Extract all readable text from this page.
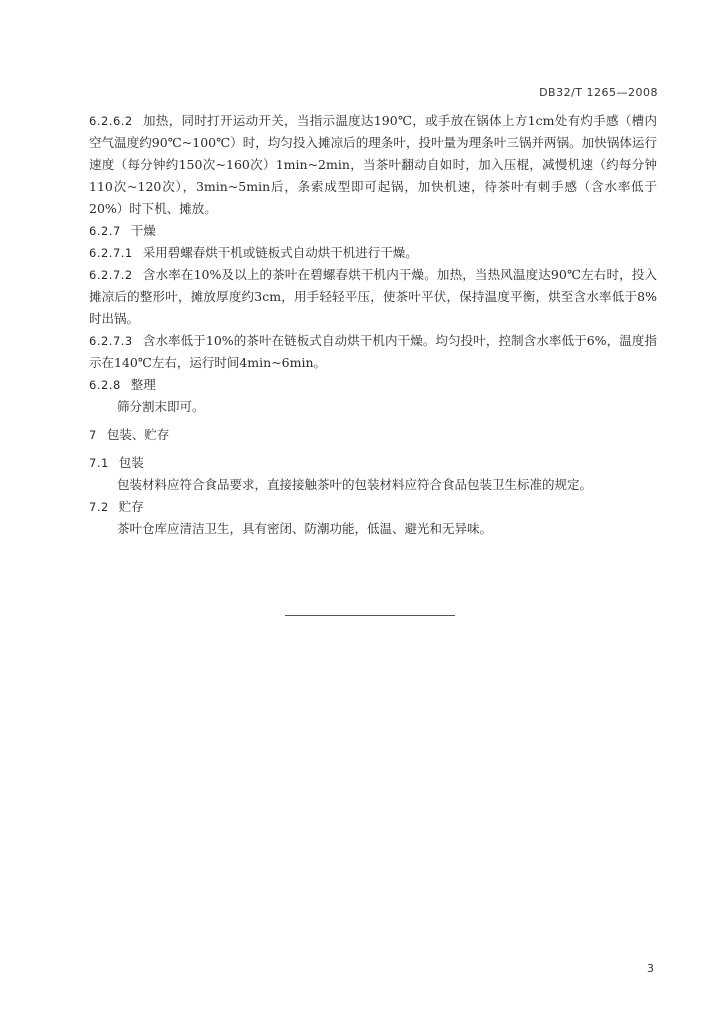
DB32/T 1265—2008

6.2.6.2 加热，同时打开运动开关，当指示温度达190℃，或手放在锅体上方1cm处有灼手感（槽内空气温度约90℃~100℃）时，均匀投入摊凉后的理条叶，投叶量为理条叶三锅并两锅。加快锅体运行速度（每分钟约150次~160次）1min~2min，当茶叶翻动自如时，加入压棍，减慢机速（约每分钟110次~120次），3min~5min后，条索成型即可起锅，加快机速，待茶叶有刺手感（含水率低于20%）时下机、摊放。

6.2.7 干燥

6.2.7.1 采用碧螺春烘干机或链板式自动烘干机进行干燥。

6.2.7.2 含水率在10%及以上的茶叶在碧螺春烘干机内干燥。加热，当热风温度达90℃左右时，投入摊凉后的整形叶，摊放厚度约3cm，用手轻轻平压，使茶叶平伏，保持温度平衡，烘至含水率低于8%时出锅。

6.2.7.3 含水率低于10%的茶叶在链板式自动烘干机内干燥。均匀投叶，控制含水率低于6%，温度指示在140℃左右，运行时间4min~6min。

6.2.8 整理

筛分割末即可。

7 包装、贮存

7.1 包装

包装材料应符合食品要求，直接接触茶叶的包装材料应符合食品包装卫生标准的规定。

7.2 贮存

茶叶仓库应清洁卫生，具有密闭、防潮功能，低温、避光和无异味。

3
